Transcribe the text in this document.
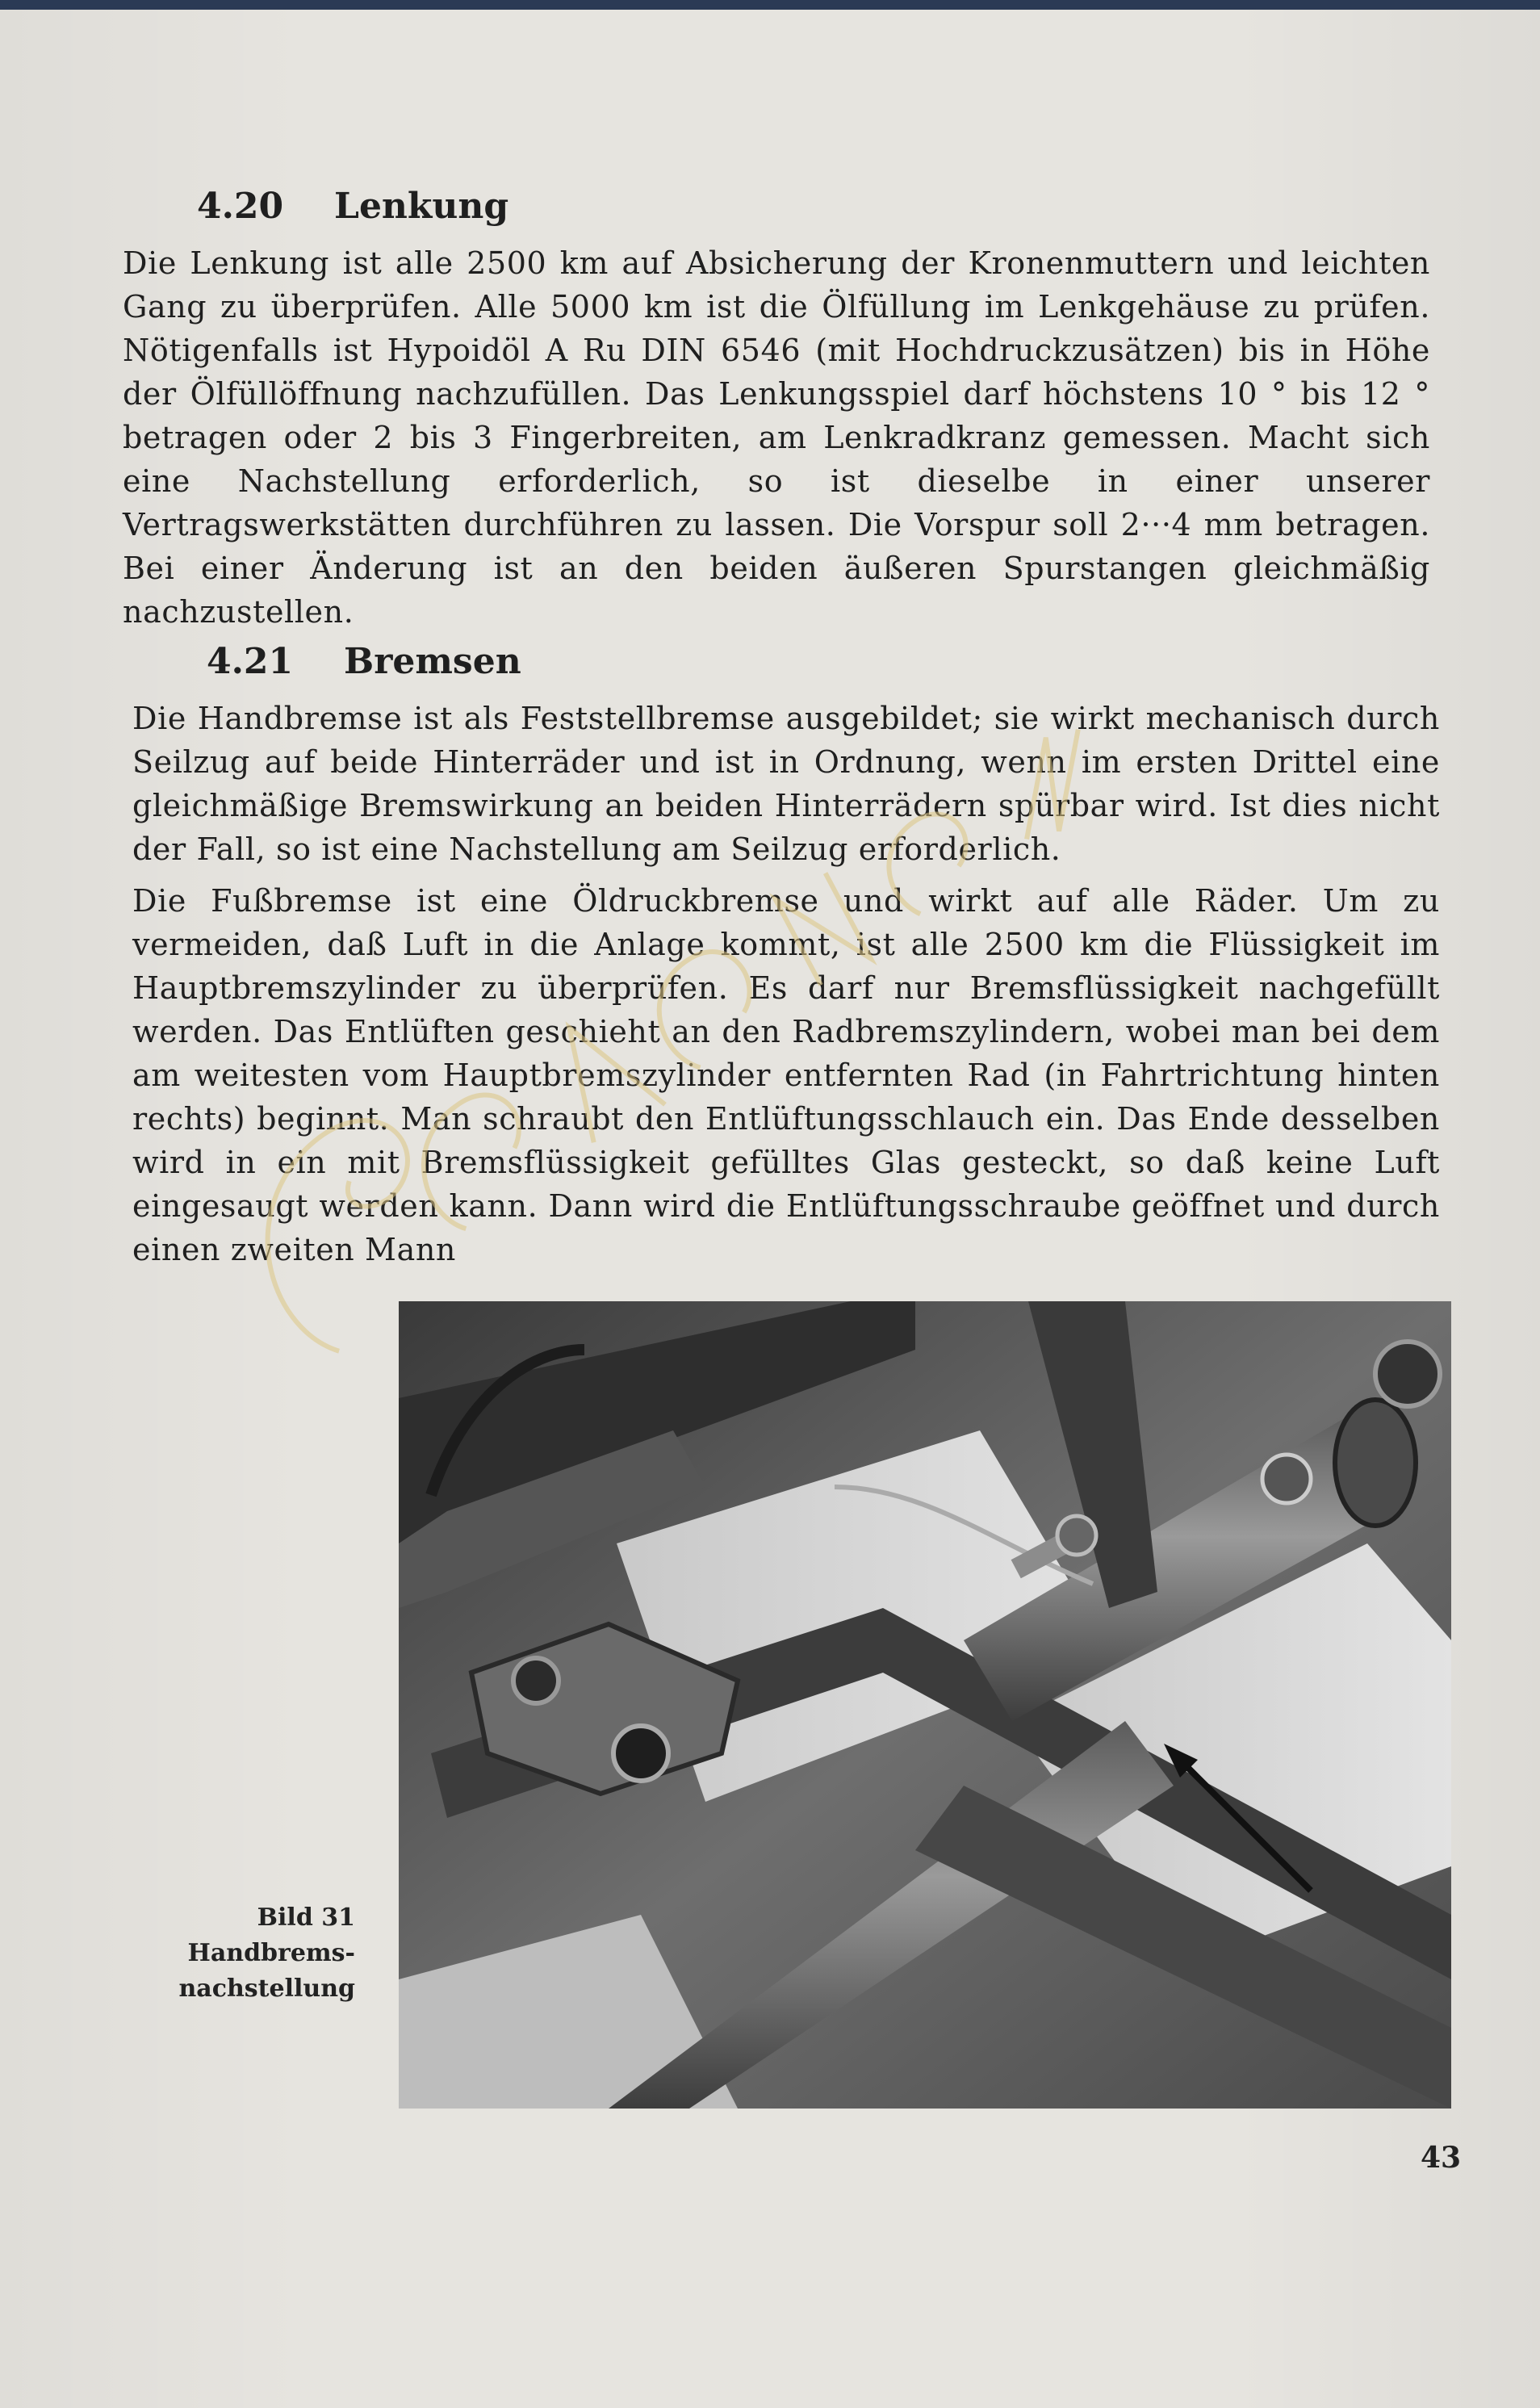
4.20	Lenkung

Die Lenkung ist alle 2500 km auf Absicherung der Kronenmuttern und leichten Gang zu überprüfen. Alle 5000 km ist die Ölfüllung im Lenkgehäuse zu prüfen. Nötigenfalls ist Hypoidöl A Ru DIN 6546 (mit Hochdruckzusätzen) bis in Höhe der Ölfüllöffnung nachzufüllen. Das Lenkungsspiel darf höchstens 10 ° bis 12 ° betragen oder 2 bis 3 Fingerbreiten, am Lenkradkranz gemessen. Macht sich eine Nachstellung erforderlich, so ist dieselbe in einer unserer Vertragswerkstätten durchführen zu lassen. Die Vorspur soll 2···4 mm betragen. Bei einer Änderung ist an den beiden äußeren Spurstangen gleichmäßig nachzustellen.

4.21	Bremsen

Die Handbremse ist als Feststellbremse ausgebildet; sie wirkt mechanisch durch Seilzug auf beide Hinterräder und ist in Ordnung, wenn im ersten Drittel eine gleichmäßige Bremswirkung an beiden Hinterrädern spürbar wird. Ist dies nicht der Fall, so ist eine Nachstellung am Seilzug erforderlich.

Die Fußbremse ist eine Öldruckbremse und wirkt auf alle Räder. Um zu vermeiden, daß Luft in die Anlage kommt, ist alle 2500 km die Flüssigkeit im Hauptbremszylinder zu überprüfen. Es darf nur Bremsflüssigkeit nachgefüllt werden. Das Entlüften geschieht an den Radbremszylindern, wobei man bei dem am weitesten vom Hauptbremszylinder entfernten Rad (in Fahrtrichtung hinten rechts) beginnt. Man schraubt den Entlüftungsschlauch ein. Das Ende desselben wird in ein mit Bremsflüssigkeit gefülltes Glas gesteckt, so daß keine Luft eingesaugt werden kann. Dann wird die Entlüftungsschraube geöffnet und durch einen zweiten Mann

Bild 31
Handbrems-
nachstellung
43
